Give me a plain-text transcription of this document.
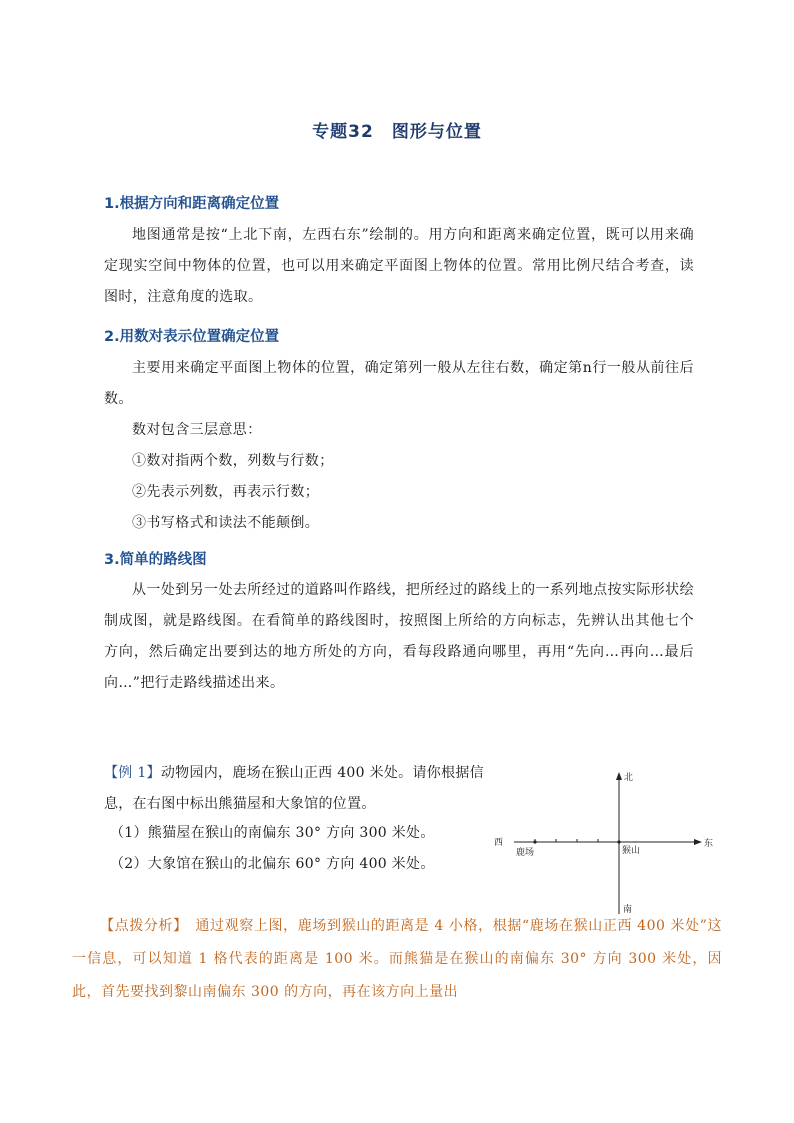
专题32　图形与位置
1.根据方向和距离确定位置

地图通常是按“上北下南，左西右东”绘制的。用方向和距离来确定位置，既可以用来确定现实空间中物体的位置，也可以用来确定平面图上物体的位置。常用比例尺结合考查，读图时，注意角度的选取。

2.用数对表示位置确定位置

主要用来确定平面图上物体的位置，确定第列一般从左往右数，确定第n行一般从前往后数。

数对包含三层意思：

①数对指两个数，列数与行数；

②先表示列数，再表示行数；

③书写格式和读法不能颠倒。

3.简单的路线图

从一处到另一处去所经过的道路叫作路线，把所经过的路线上的一系列地点按实际形状绘制成图，就是路线图。在看简单的路线图时，按照图上所给的方向标志，先辨认出其他七个方向，然后确定出要到达的地方所处的方向，看每段路通向哪里，再用“先向…再向…最后向…”把行走路线描述出来。

【例 1】动物园内，鹿场在猴山正西 400 米处。请你根据信息，在右图中标出熊猫屋和大象馆的位置。

（1）熊猫屋在猴山的南偏东 30° 方向 300 米处。

（2）大象馆在猴山的北偏东 60° 方向 400 米处。

北
南
东
西
鹿场	猴山

【点拨分析】　通过观察上图，鹿场到猴山的距离是 4 小格，根据“鹿场在猴山正西 400 米处”这一信息，可以知道 1 格代表的距离是 100 米。而熊猫是在猴山的南偏东 30° 方向 300 米处，因此，首先要找到黎山南偏东 300 的方向，再在该方向上量出
